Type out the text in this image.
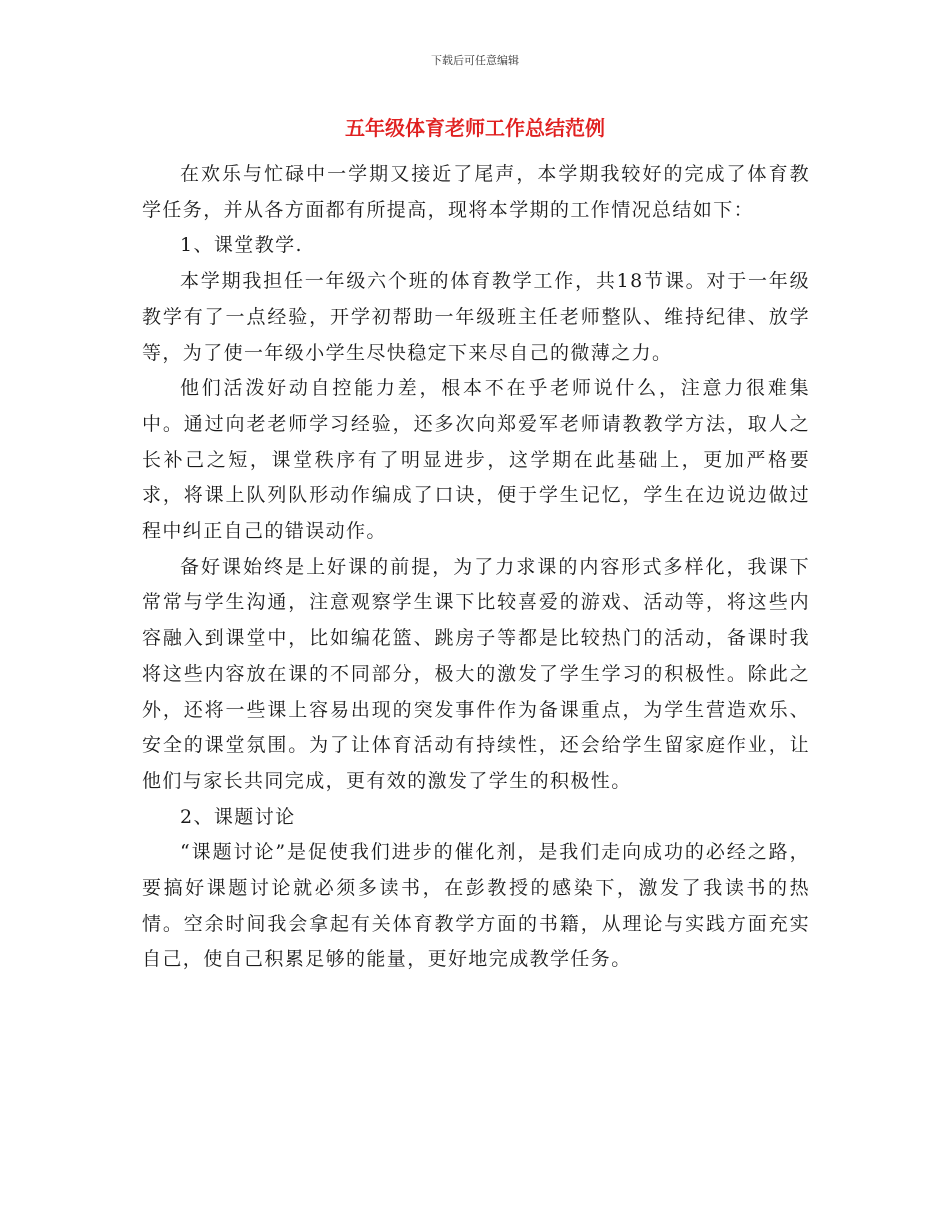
下载后可任意编辑
五年级体育老师工作总结范例

在欢乐与忙碌中一学期又接近了尾声，本学期我较好的完成了体育教学任务，并从各方面都有所提高，现将本学期的工作情况总结如下：

1、课堂教学.

本学期我担任一年级六个班的体育教学工作，共18节课。对于一年级教学有了一点经验，开学初帮助一年级班主任老师整队、维持纪律、放学等，为了使一年级小学生尽快稳定下来尽自己的微薄之力。

他们活泼好动自控能力差，根本不在乎老师说什么，注意力很难集中。通过向老老师学习经验，还多次向郑爱军老师请教教学方法，取人之长补己之短，课堂秩序有了明显进步，这学期在此基础上，更加严格要求，将课上队列队形动作编成了口诀，便于学生记忆，学生在边说边做过程中纠正自己的错误动作。

备好课始终是上好课的前提，为了力求课的内容形式多样化，我课下常常与学生沟通，注意观察学生课下比较喜爱的游戏、活动等，将这些内容融入到课堂中，比如编花篮、跳房子等都是比较热门的活动，备课时我将这些内容放在课的不同部分，极大的激发了学生学习的积极性。除此之外，还将一些课上容易出现的突发事件作为备课重点，为学生营造欢乐、安全的课堂氛围。为了让体育活动有持续性，还会给学生留家庭作业，让他们与家长共同完成，更有效的激发了学生的积极性。

2、课题讨论

“课题讨论”是促使我们进步的催化剂，是我们走向成功的必经之路，要搞好课题讨论就必须多读书，在彭教授的感染下，激发了我读书的热情。空余时间我会拿起有关体育教学方面的书籍，从理论与实践方面充实自己，使自己积累足够的能量，更好地完成教学任务。
